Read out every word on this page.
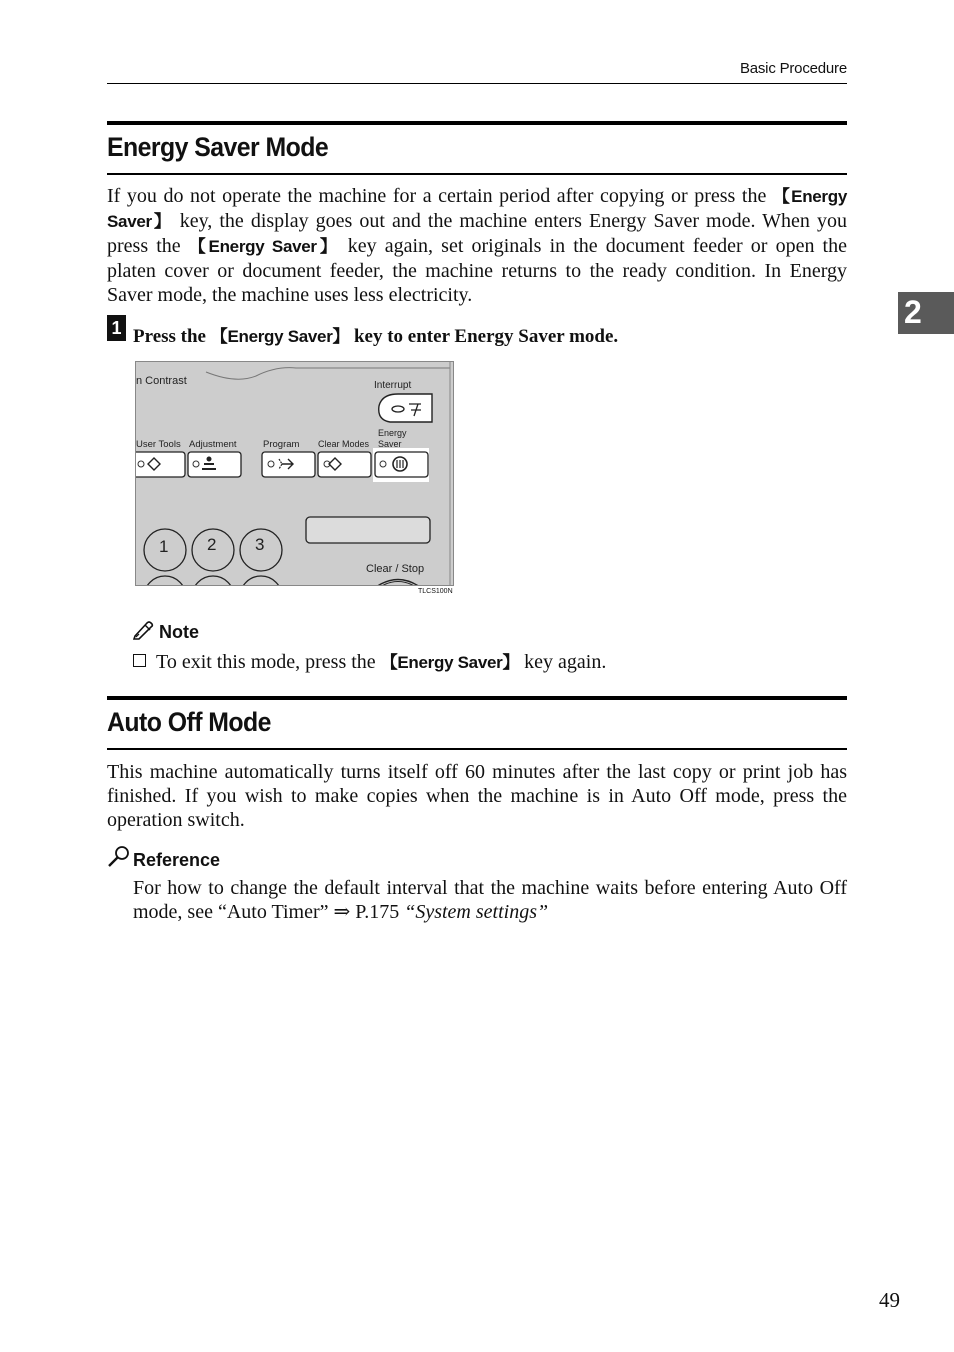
Basic Procedure
2
Energy Saver Mode
If you do not operate the machine for a certain period after copying or press the 【Energy Saver】 key, the display goes out and the machine enters Energy Saver mode. When you press the 【Energy Saver】 key again, set originals in the document feeder or open the platen cover or document feeder, the machine returns to the ready condition. In Energy Saver mode, the machine uses less electricity.
1 Press the 【Energy Saver】 key to enter Energy Saver mode.
n Contrast	Interrupt
Energy
Saver
User Tools Adjustment	Program Clear Modes
Clear / Stop
1 2 3
TLCS100N
Note
To exit this mode, press the 【Energy Saver】 key again.
Auto Off Mode
This machine automatically turns itself off 60 minutes after the last copy or print job has finished. If you wish to make copies when the machine is in Auto Off mode, press the operation switch.
Reference
For how to change the default interval that the machine waits before entering Auto Off mode, see “Auto Timer” ⇒ P.175 “System settings”
49
